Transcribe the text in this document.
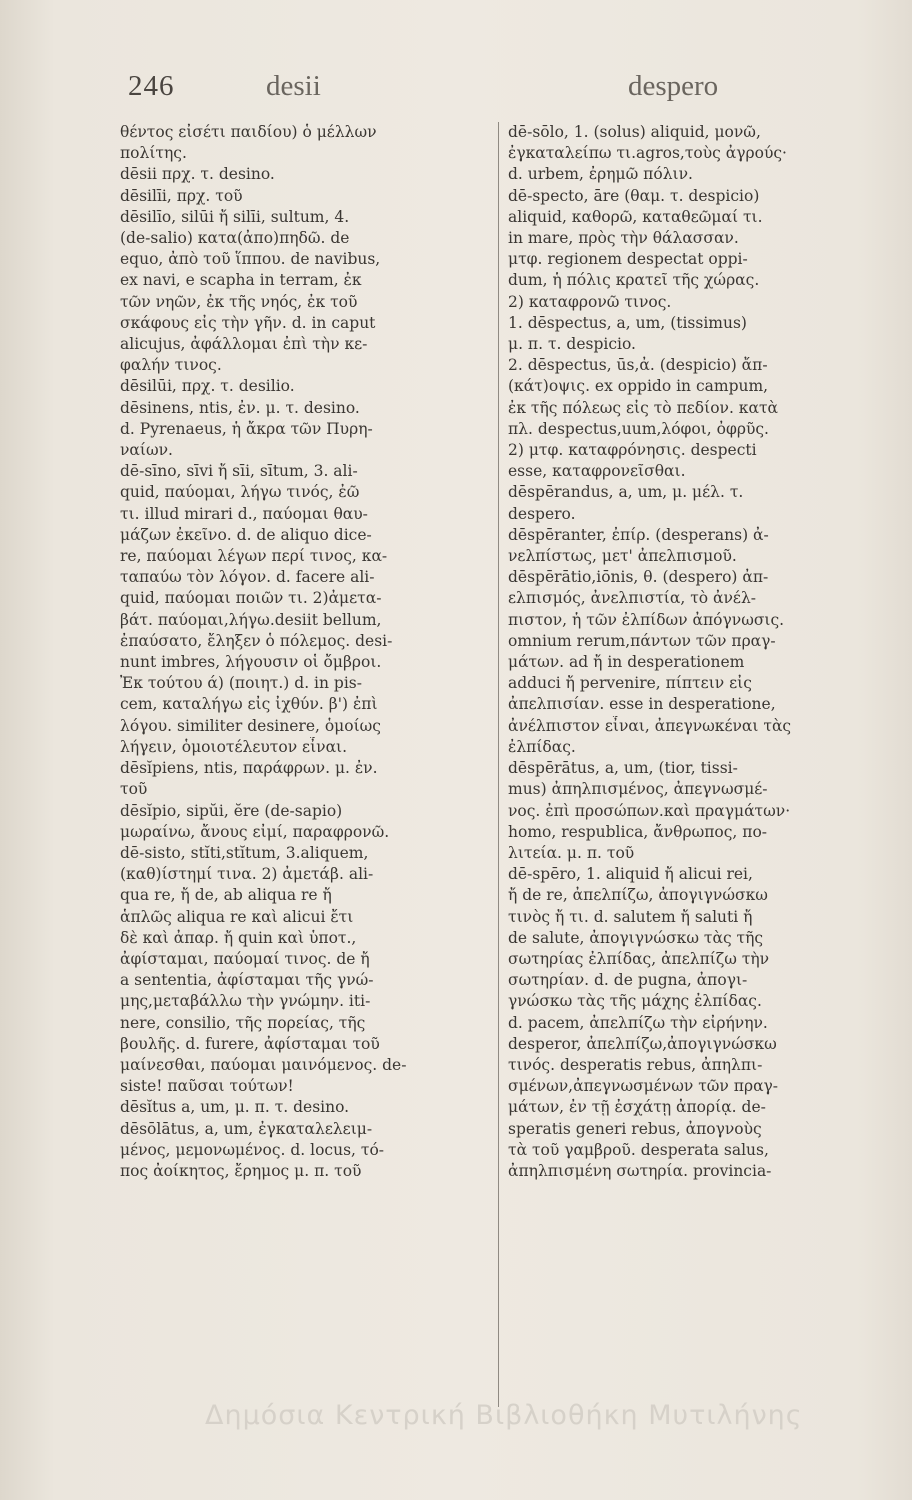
246	desii	despero
θέντος εἰσέτι παιδίου) ὁ μέλλων
πολίτης.
dēsii πρχ. τ. desino.
dēsilīi, πρχ. τοῦ
dēsilīo, silūi ἤ silīi, sultum, 4.
(de-salio) κατα(ἀπο)πηδῶ. de
equo, ἀπὸ τοῦ ἵππου. de navibus,
ex navi, e scapha in terram, ἐκ
τῶν νηῶν, ἐκ τῆς νηός, ἐκ τοῦ
σκάφους εἰς τὴν γῆν. d. in caput
alicujus, ἀφάλλομαι ἐπὶ τὴν κε-
φαλήν τινος.
dēsilūi, πρχ. τ. desilio.
dēsinens, ntis, ἐν. μ. τ. desino.
d. Pyrenaeus, ἡ ἄκρα τῶν Πυρη-
ναίων.
dē-sīno, sīvi ἤ sīi, sītum, 3. ali-
quid, παύομαι, λήγω τινός, ἐῶ
τι. illud mirari d., παύομαι θαυ-
μάζων ἐκεῖνο. d. de aliquo dice-
re, παύομαι λέγων περί τινος, κα-
ταπαύω τὸν λόγον. d. facere ali-
quid, παύομαι ποιῶν τι. 2)ἀμετα-
βάτ. παύομαι,λήγω.desiit bellum,
ἐπαύσατο, ἔληξεν ὁ πόλεμος. desi-
nunt imbres, λήγουσιν οἱ ὄμβροι.
Ἐκ τούτου ά) (ποιητ.) d. in pis-
cem, καταλήγω εἰς ἰχθύν. β') ἐπὶ
λόγου. similiter desinere, ὁμοίως
λήγειν, ὁμοιοτέλευτον εἶναι.
dēsĭpiens, ntis, παράφρων. μ. ἐν.
τοῦ
dēsĭpio, sipŭi, ĕre (de-sapio)
μωραίνω, ἄνους εἰμί, παραφρονῶ.
dē-sisto, stĭti,stĭtum, 3.aliquem,
(καθ)ίστημί τινα. 2) ἀμετάβ. ali-
qua re, ἤ de, ab aliqua re ἤ
ἁπλῶς aliqua re καὶ alicui ἔτι
δὲ καὶ ἀπαρ. ἤ quin καὶ ὑποτ.,
ἀφίσταμαι, παύομαί τινος. de ἤ
a sententia, ἀφίσταμαι τῆς γνώ-
μης,μεταβάλλω τὴν γνώμην. iti-
nere, consilio, τῆς πορείας, τῆς
βουλῆς. d. furere, ἀφίσταμαι τοῦ
μαίνεσθαι, παύομαι μαινόμενος. de-
siste! παῦσαι τούτων!
dēsĭtus a, um, μ. π. τ. desino.
dēsōlātus, a, um, ἐγκαταλελειμ-
μένος, μεμονωμένος. d. locus, τό-
πος ἀοίκητος, ἔρημος μ. π. τοῦ
dē-sōlo, 1. (solus) aliquid, μονῶ,
ἐγκαταλείπω τι.agros,τοὺς ἀγρούς·
d. urbem, ἐρημῶ πόλιν.
dē-specto, āre (θαμ. τ. despicio)
aliquid, καθορῶ, καταθεῶμαί τι.
in mare, πρὸς τὴν θάλασσαν.
μτφ. regionem despectat oppi-
dum, ἡ πόλις κρατεῖ τῆς χώρας.
2) καταφρονῶ τινος.
1. dēspectus, a, um, (tissimus)
μ. π. τ. despicio.
2. dēspectus, ūs,ἀ. (despicio) ἄπ-
(κάτ)οψις. ex oppido in campum,
ἐκ τῆς πόλεως εἰς τὸ πεδίον. κατὰ
πλ. despectus,uum,λόφοι, ὀφρῦς.
2) μτφ. καταφρόνησις. despecti
esse, καταφρονεῖσθαι.
dēspērandus, a, um, μ. μέλ. τ.
despero.
dēspēranter, ἐπίρ. (desperans) ἀ-
νελπίστως, μετ' ἀπελπισμοῦ.
dēspērātio,iōnis, θ. (despero) ἀπ-
ελπισμός, ἀνελπιστία, τὸ ἀνέλ-
πιστον, ἡ τῶν ἐλπίδων ἀπόγνωσις.
omnium rerum,πάντων τῶν πραγ-
μάτων. ad ἤ in desperationem
adduci ἤ pervenire, πίπτειν εἰς
ἀπελπισίαν. esse in desperatione,
ἀνέλπιστον εἶναι, ἀπεγνωκέναι τὰς
ἐλπίδας.
dēspērātus, a, um, (tior, tissi-
mus) ἀπηλπισμένος, ἀπεγνωσμέ-
νος. ἐπὶ προσώπων.καὶ πραγμάτων·
homo, respublica, ἄνθρωπος, πο-
λιτεία. μ. π. τοῦ
dē-spēro, 1. aliquid ἤ alicui rei,
ἤ de re, ἀπελπίζω, ἀπογιγνώσκω
τινὸς ἤ τι. d. salutem ἤ saluti ἤ
de salute, ἀπογιγνώσκω τὰς τῆς
σωτηρίας ἐλπίδας, ἀπελπίζω τὴν
σωτηρίαν. d. de pugna, ἀπογι-
γνώσκω τὰς τῆς μάχης ἐλπίδας.
d. pacem, ἀπελπίζω τὴν εἰρήνην.
desperor, ἀπελπίζω,ἀπογιγνώσκω
τινός. desperatis rebus, ἀπηλπι-
σμένων,ἀπεγνωσμένων τῶν πραγ-
μάτων, ἐν τῇ ἐσχάτῃ ἀπορίᾳ. de-
speratis generi rebus, ἀπογνοὺς
τὰ τοῦ γαμβροῦ. desperata salus,
ἀπηλπισμένη σωτηρία. provincia-
Δημόσια Κεντρική Βιβλιοθήκη Μυτιλήνης
